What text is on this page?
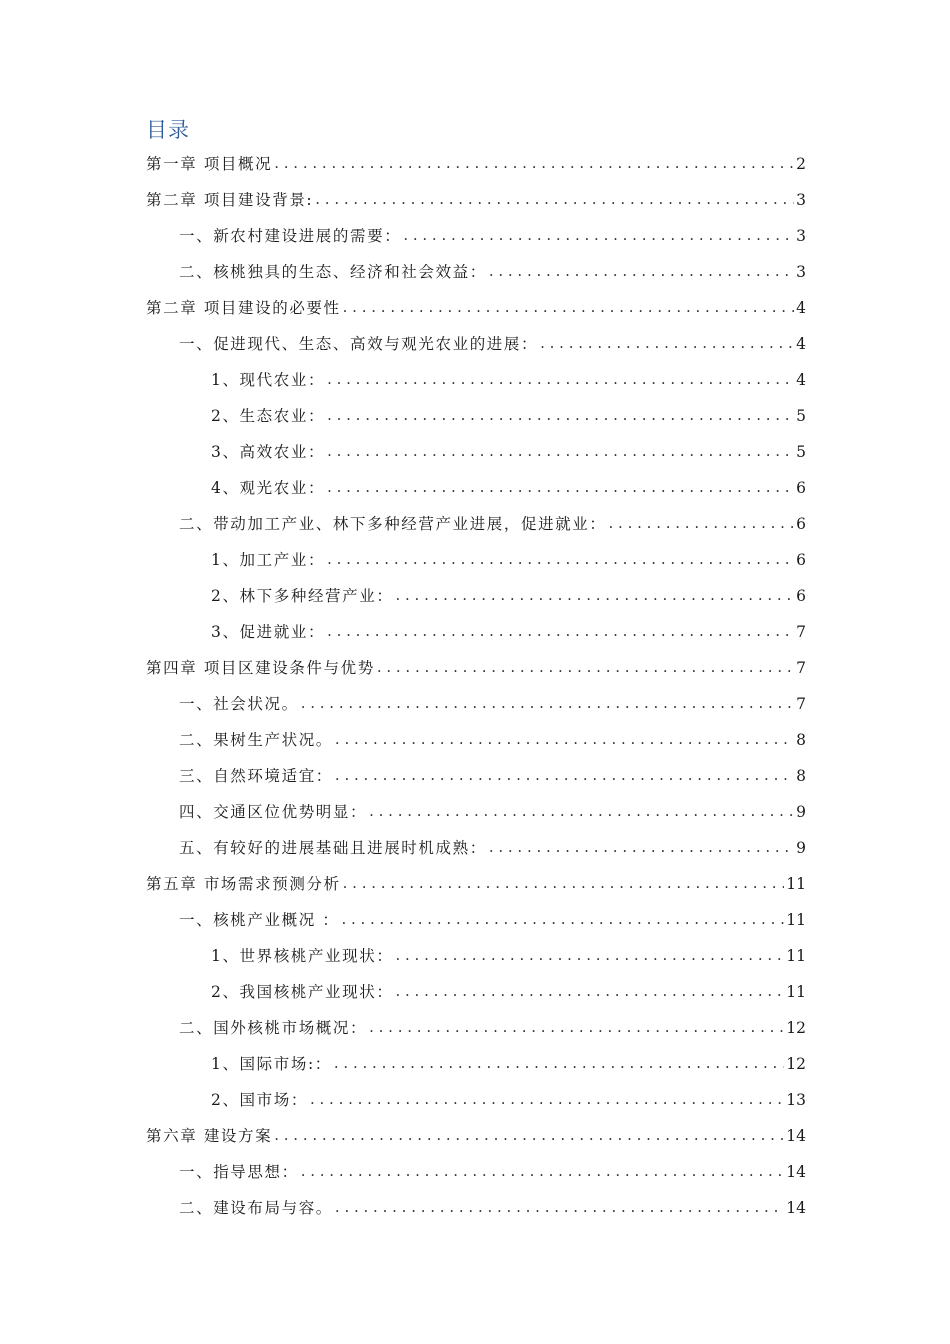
目录
第一章 项目概况 . . .	2
第二章 项目建设背景: . . .	3
一、新农村建设进展的需要： . . .	3
二、核桃独具的生态、经济和社会效益： . . .	3
第二章 项目建设的必要性 . . .	4
一、促进现代、生态、高效与观光农业的进展： . . .	4
1、现代农业： . . .	4
2、生态农业： . . .	5
3、高效农业： . . .	5
4、观光农业： . . .	6
二、带动加工产业、林下多种经营产业进展，促进就业： . . .	6
1、加工产业： . . .	6
2、林下多种经营产业： . . .	6
3、促进就业： . . .	7
第四章 项目区建设条件与优势 . . .	7
一、社会状况。 . . .	7
二、果树生产状况。 . . .	8
三、自然环境适宜： . . .	8
四、交通区位优势明显： . . .	9
五、有较好的进展基础且进展时机成熟： . . .	9
第五章 市场需求预测分析 . . .	11
一、核桃产业概况 ： . . .	11
1、世界核桃产业现状： . . .	11
2、我国核桃产业现状： . . .	11
二、国外核桃市场概况： . . .	12
1、国际市场:： . . .	12
2、国市场： . . .	13
第六章 建设方案 . . .	14
一、指导思想： . . .	14
二、建设布局与容。 . . .	14
